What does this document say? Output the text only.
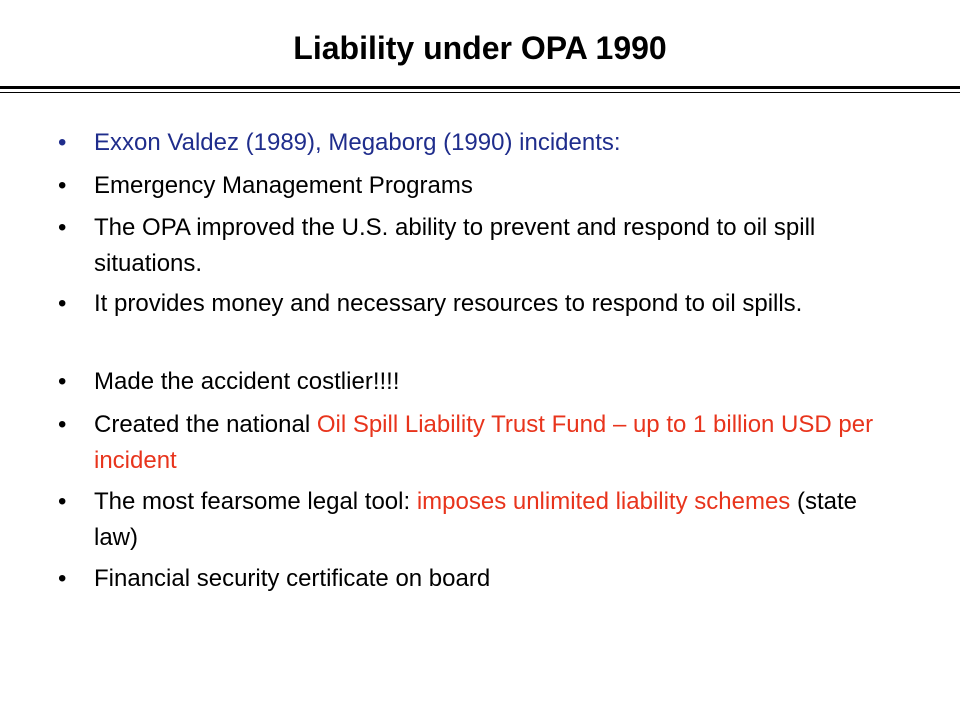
Liability under OPA 1990
•	Exxon Valdez (1989), Megaborg (1990) incidents:
•	Emergency Management Programs
•	The OPA improved the U.S. ability to prevent and respond to oil spill situations.
•	It provides money and necessary resources to respond to oil spills.
•	Made the accident costlier!!!!
•	Created the national Oil Spill Liability Trust Fund – up to 1 billion USD per incident
•	The most fearsome legal tool: imposes unlimited liability schemes (state law)
•	Financial security certificate on board
